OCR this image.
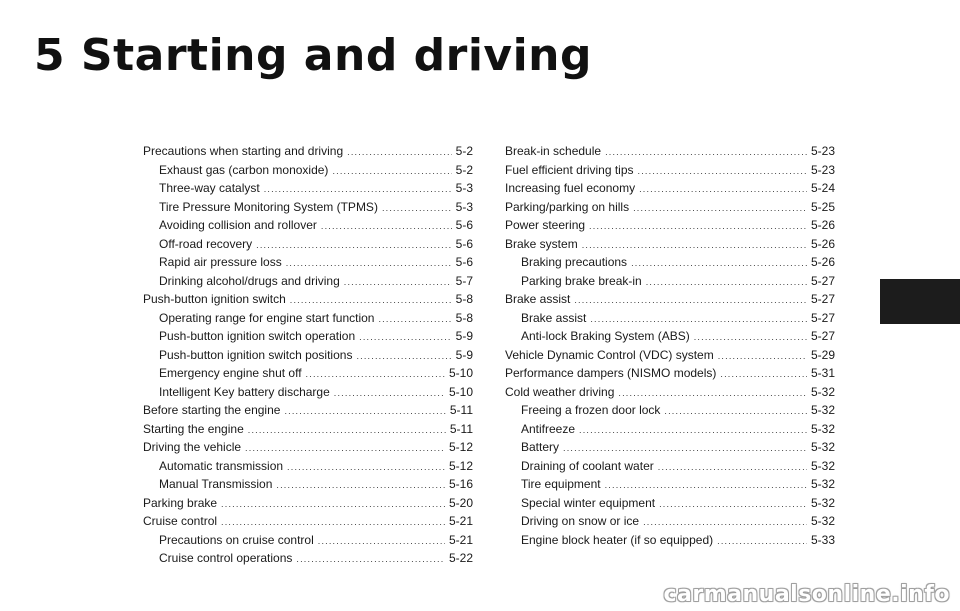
5 Starting and driving
Precautions when starting and driving .....	5-2
Exhaust gas (carbon monoxide) .....	5-2
Three-way catalyst .....	5-3
Tire Pressure Monitoring System (TPMS) .....	5-3
Avoiding collision and rollover .....	5-6
Off-road recovery .....	5-6
Rapid air pressure loss .....	5-6
Drinking alcohol/drugs and driving .....	5-7
Push-button ignition switch .....	5-8
Operating range for engine start function .....	5-8
Push-button ignition switch operation .....	5-9
Push-button ignition switch positions .....	5-9
Emergency engine shut off .....	5-10
Intelligent Key battery discharge .....	5-10
Before starting the engine .....	5-11
Starting the engine .....	5-11
Driving the vehicle .....	5-12
Automatic transmission .....	5-12
Manual Transmission .....	5-16
Parking brake .....	5-20
Cruise control .....	5-21
Precautions on cruise control .....	5-21
Cruise control operations .....	5-22
Break-in schedule .....	5-23
Fuel efficient driving tips .....	5-23
Increasing fuel economy .....	5-24
Parking/parking on hills .....	5-25
Power steering .....	5-26
Brake system .....	5-26
Braking precautions .....	5-26
Parking brake break-in .....	5-27
Brake assist .....	5-27
Brake assist .....	5-27
Anti-lock Braking System (ABS) .....	5-27
Vehicle Dynamic Control (VDC) system .....	5-29
Performance dampers (NISMO models) .....	5-31
Cold weather driving .....	5-32
Freeing a frozen door lock .....	5-32
Antifreeze .....	5-32
Battery .....	5-32
Draining of coolant water .....	5-32
Tire equipment .....	5-32
Special winter equipment .....	5-32
Driving on snow or ice .....	5-32
Engine block heater (if so equipped) .....	5-33
carmanualsonline.info
